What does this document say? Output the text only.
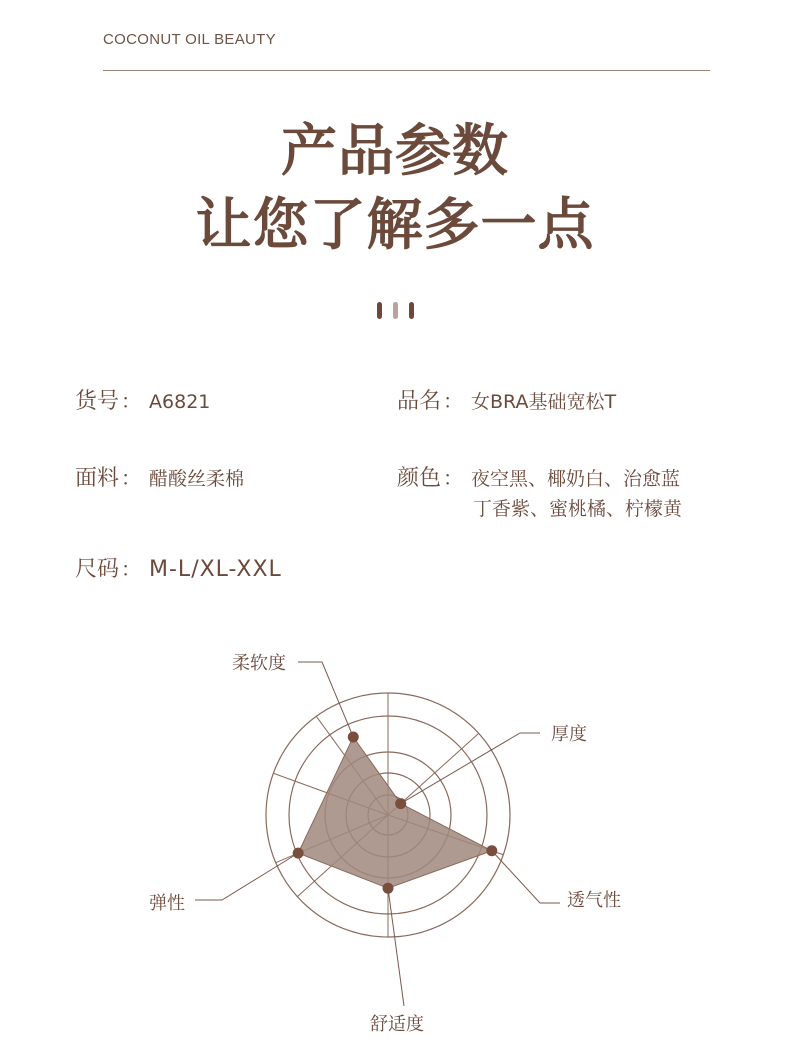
COCONUT OIL BEAUTY
产品参数
让您了解多一点
货号 ： A6821	品名 ： 女BRA基础宽松T
面料 ： 醋酸丝柔棉	颜色 ： 夜空黑、椰奶白、治愈蓝
丁香紫、蜜桃橘、柠檬黄
尺码 ： M-L/XL-XXL
柔软度
厚度
透气性
舒适度
弹性
